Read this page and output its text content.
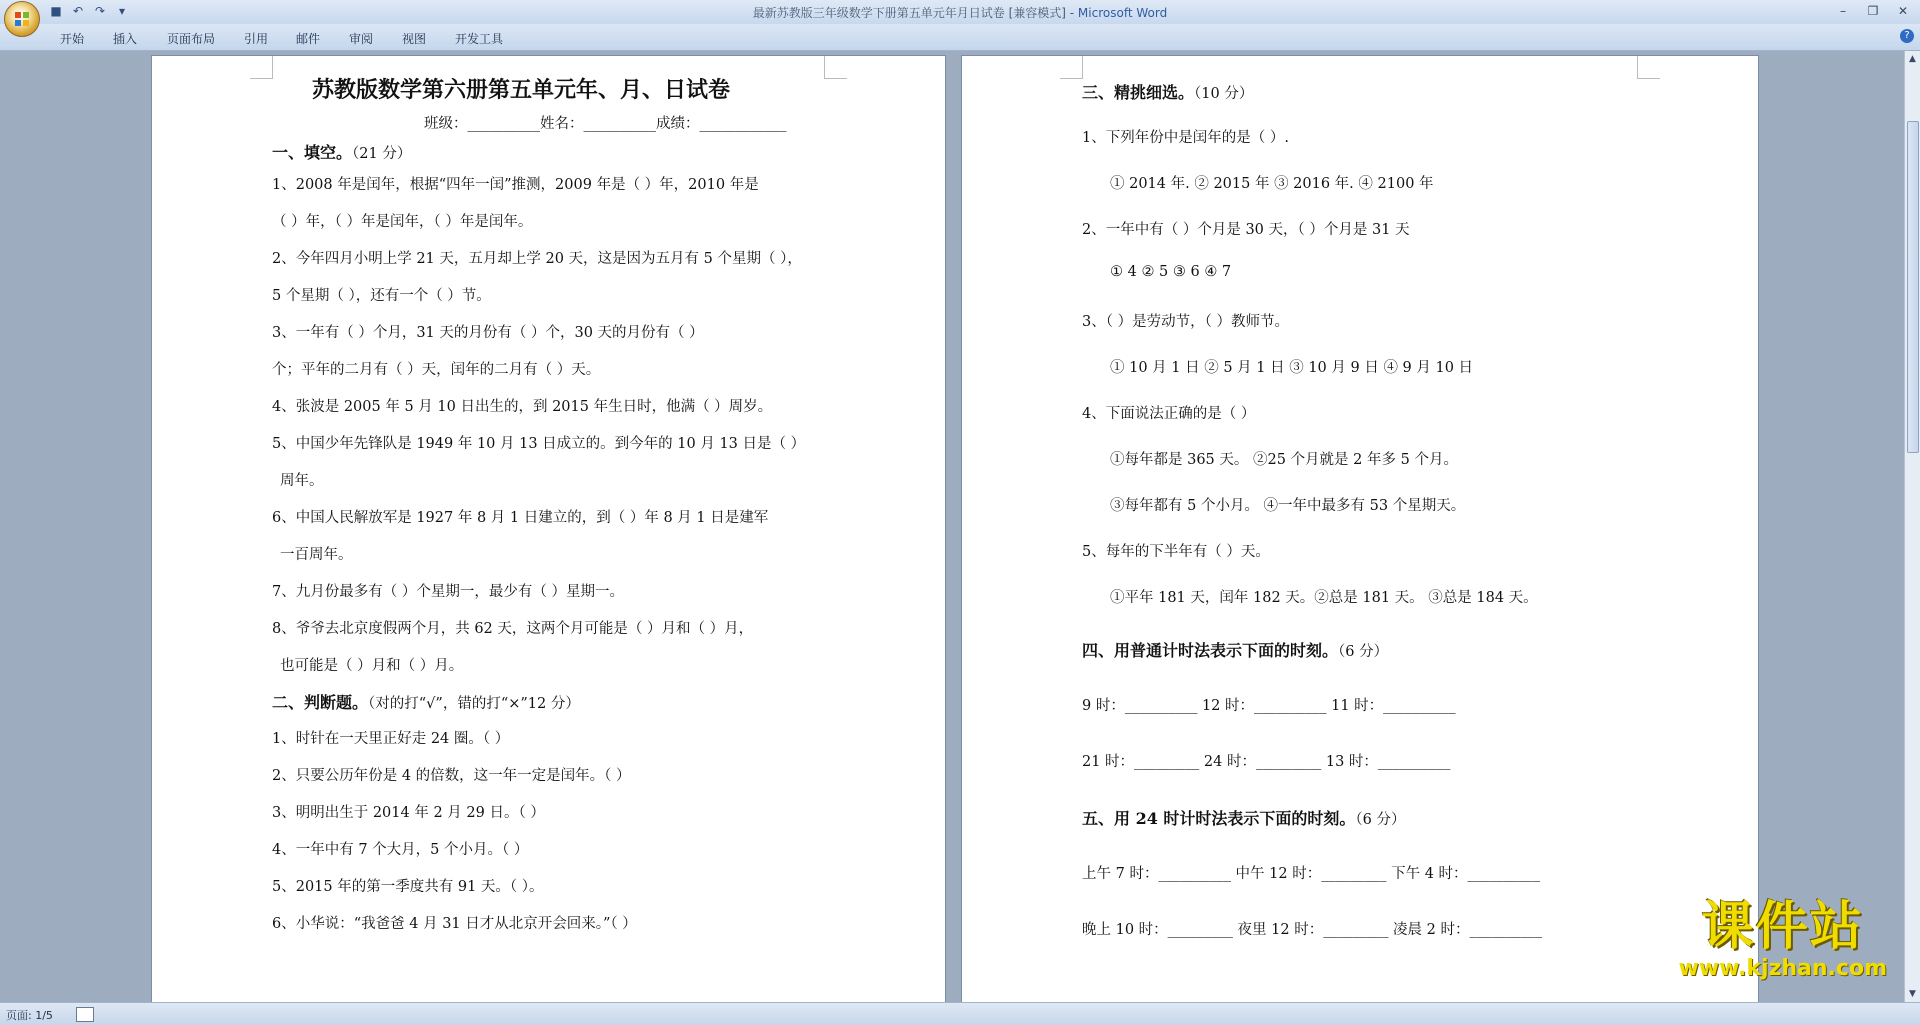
■ ↶ ↷	▾	最新苏教版三年级数学下册第五单元年月日试卷 [兼容模式] - Microsoft Word	–	❐	✕
开始 插入 页面布局 引用 邮件 审阅 视图 开发工具	?
苏教版数学第六册第五单元年、月、日试卷
班级：__________姓名：__________成绩：____________
一、填空。（21 分）
1、2008 年是闰年，根据“四年一闰”推测，2009 年是（ ）年，2010 年是
（ ）年，（ ）年是闰年，（ ）年是闰年。
2、今年四月小明上学 21 天，五月却上学 20 天，这是因为五月有 5 个星期（ ），
5 个星期（ ），还有一个（ ）节。
3、一年有（ ）个月，31 天的月份有（ ）个，30 天的月份有（ ）
个；平年的二月有（ ）天，闰年的二月有（ ）天。
4、张波是 2005 年 5 月 10 日出生的，到 2015 年生日时，他满（ ）周岁。
5、中国少年先锋队是 1949 年 10 月 13 日成立的。到今年的 10 月 13 日是（ ）
周年。
6、中国人民解放军是 1927 年 8 月 1 日建立的，到（ ）年 8 月 1 日是建军
一百周年。
7、九月份最多有（ ）个星期一，最少有（ ）星期一。
8、爷爷去北京度假两个月，共 62 天，这两个月可能是（ ）月和（ ）月，
也可能是（ ）月和（ ）月。
二、判断题。（对的打“√”，错的打“×”12 分）
1、时针在一天里正好走 24 圈。（ ）
2、只要公历年份是 4 的倍数，这一年一定是闰年。（ ）
3、明明出生于 2014 年 2 月 29 日。（ ）
4、一年中有 7 个大月，5 个小月。（ ）
5、2015 年的第一季度共有 91 天。（ ）。
6、小华说：“我爸爸 4 月 31 日才从北京开会回来。”（ ）
三、精挑细选。（10 分）
1、下列年份中是闰年的是（ ）.
① 2014 年. ② 2015 年 ③ 2016 年. ④ 2100 年
2、一年中有（ ）个月是 30 天，（ ）个月是 31 天
① 4 ② 5 ③ 6 ④ 7
3、（ ）是劳动节，（ ）教师节。
① 10 月 1 日 ② 5 月 1 日 ③ 10 月 9 日 ④ 9 月 10 日
4、下面说法正确的是（ ）
①每年都是 365 天。 ②25 个月就是 2 年多 5 个月。
③每年都有 5 个小月。 ④一年中最多有 53 个星期天。
5、每年的下半年有（ ）天。
①平年 181 天，闰年 182 天。②总是 181 天。 ③总是 184 天。
四、用普通计时法表示下面的时刻。（6 分）
9 时：__________ 12 时：__________ 11 时：__________
21 时：_________ 24 时：_________ 13 时：__________
五、用 24 时计时法表示下面的时刻。（6 分）
上午 7 时：__________ 中午 12 时：_________ 下午 4 时：__________
晚上 10 时：_________ 夜里 12 时：_________ 凌晨 2 时：__________	课件站
www.kjzhan.com
▲
▼
页面: 1/5
